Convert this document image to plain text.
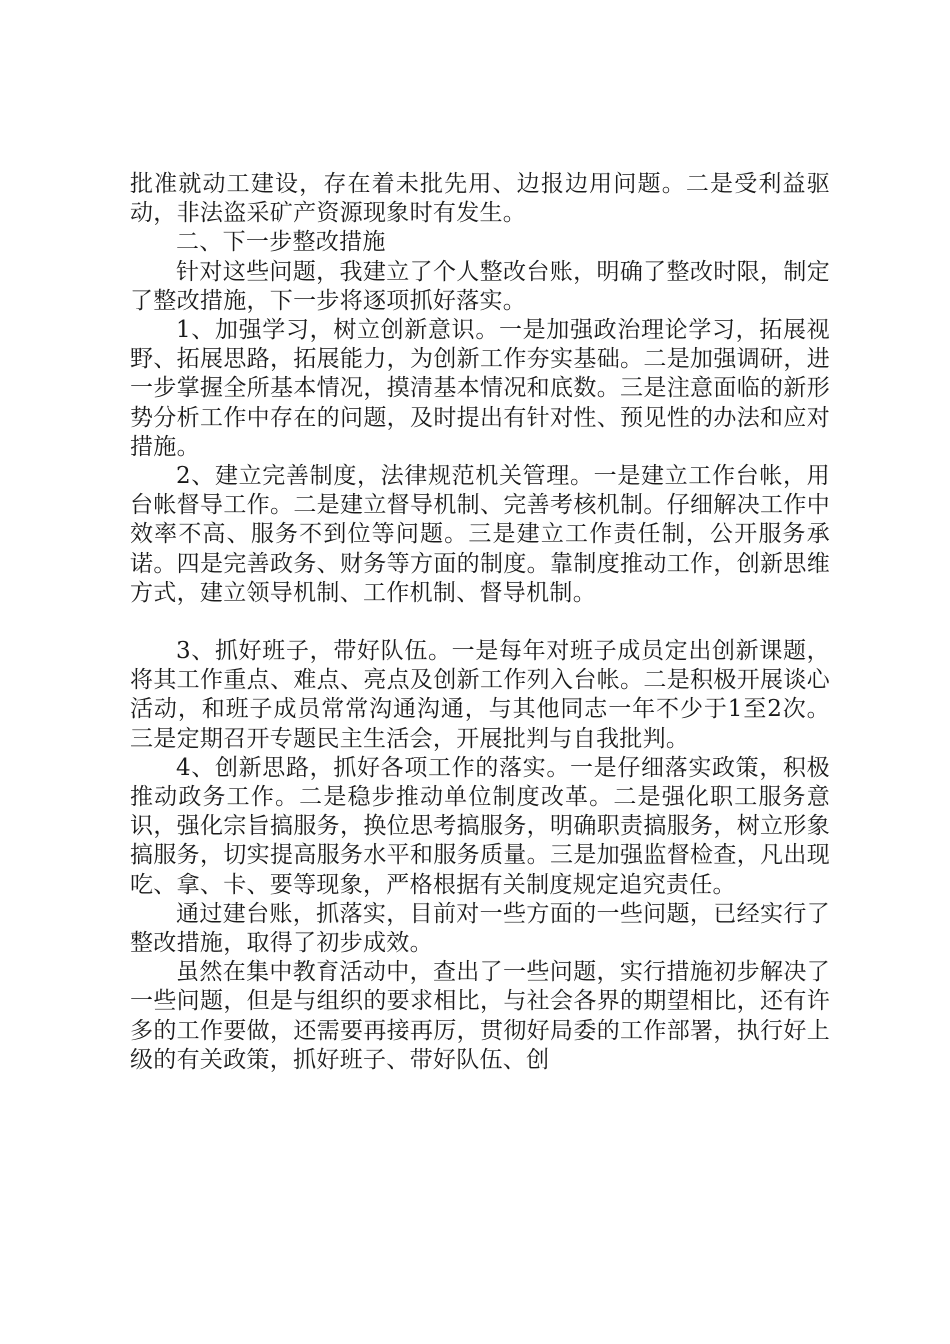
批准就动工建设，存在着未批先用、边报边用问题。二是受利益驱动，非法盗采矿产资源现象时有发生。

二、下一步整改措施

针对这些问题，我建立了个人整改台账，明确了整改时限，制定了整改措施，下一步将逐项抓好落实。

1、加强学习，树立创新意识。一是加强政治理论学习，拓展视野、拓展思路，拓展能力，为创新工作夯实基础。二是加强调研，进一步掌握全所基本情况，摸清基本情况和底数。三是注意面临的新形势分析工作中存在的问题，及时提出有针对性、预见性的办法和应对措施。

2、建立完善制度，法律规范机关管理。一是建立工作台帐，用台帐督导工作。二是建立督导机制、完善考核机制。仔细解决工作中效率不高、服务不到位等问题。三是建立工作责任制，公开服务承诺。四是完善政务、财务等方面的制度。靠制度推动工作，创新思维方式，建立领导机制、工作机制、督导机制。

3、抓好班子，带好队伍。一是每年对班子成员定出创新课题，将其工作重点、难点、亮点及创新工作列入台帐。二是积极开展谈心活动，和班子成员常常沟通沟通，与其他同志一年不少于1至2次。三是定期召开专题民主生活会，开展批判与自我批判。

4、创新思路，抓好各项工作的落实。一是仔细落实政策，积极推动政务工作。二是稳步推动单位制度改革。二是强化职工服务意识，强化宗旨搞服务，换位思考搞服务，明确职责搞服务，树立形象搞服务，切实提高服务水平和服务质量。三是加强监督检查，凡出现吃、拿、卡、要等现象，严格根据有关制度规定追究责任。

通过建台账，抓落实，目前对一些方面的一些问题，已经实行了整改措施，取得了初步成效。

虽然在集中教育活动中，查出了一些问题，实行措施初步解决了一些问题，但是与组织的要求相比，与社会各界的期望相比，还有许多的工作要做，还需要再接再厉，贯彻好局委的工作部署，执行好上级的有关政策，抓好班子、带好队伍、创
